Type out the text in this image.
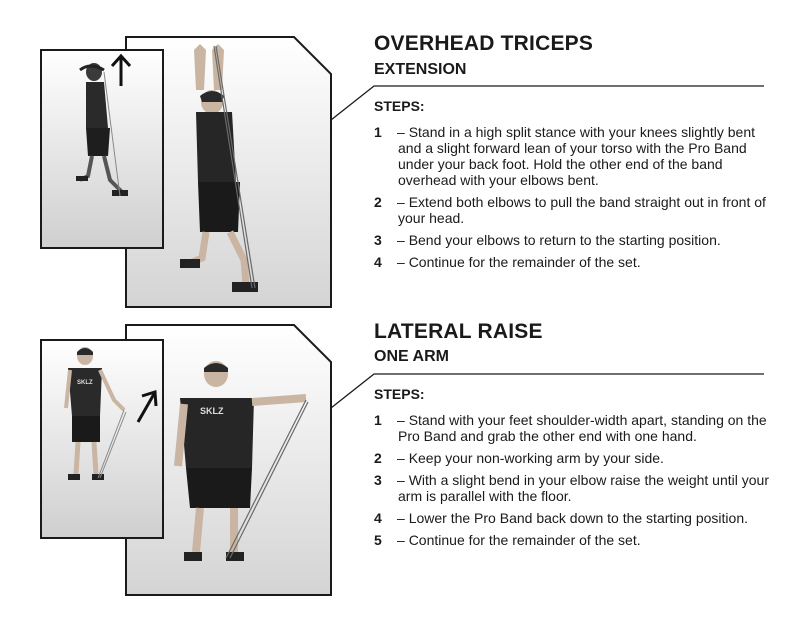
OVERHEAD TRICEPS
EXTENSION
STEPS:
1	– Stand in a high split stance with your knees slightly bent and a slight forward lean of your torso with the Pro Band under your back foot. Hold the other end of the band overhead with your elbows bent.
2	– Extend both elbows to pull the band straight out in front of your head.
3	– Bend your elbows to return to the starting position.
4	– Continue for the remainder of the set.
SKLZ
SKLZ
LATERAL RAISE
ONE ARM
STEPS:
1	– Stand with your feet shoulder-width apart, standing on the Pro Band and grab the other end with one hand.
2	– Keep your non-working arm by your side.
3	– With a slight bend in your elbow raise the weight until your arm is parallel with the floor.
4	– Lower the Pro Band back down to the starting position.
5	– Continue for the remainder of the set.
